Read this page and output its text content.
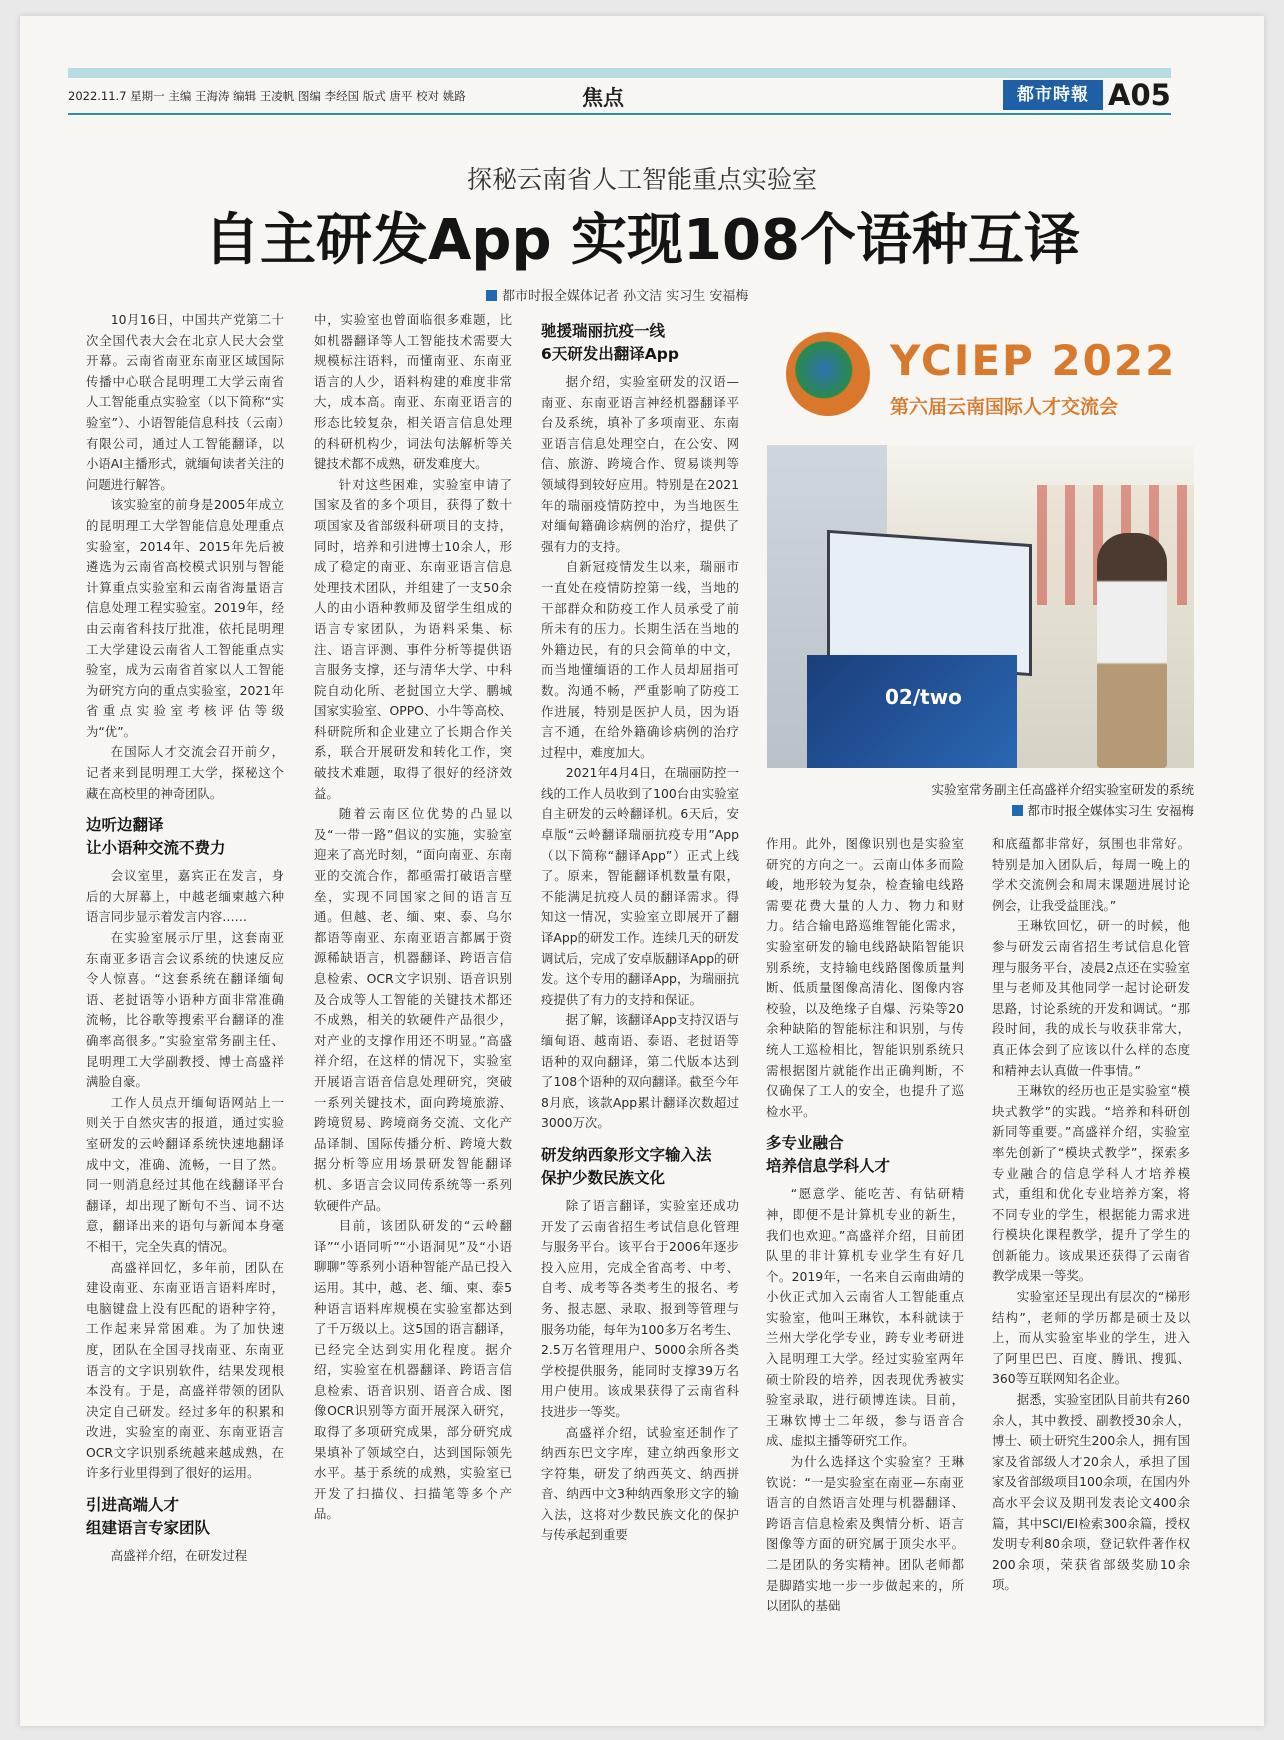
2022.11.7 星期一 主编 王海涛 编辑 王凌帆 图编 李经国 版式 唐平 校对 姚路	焦点	都市時報 A05
探秘云南省人工智能重点实验室
自主研发App 实现108个语种互译
都市时报全媒体记者 孙文洁 实习生 安福梅

10月16日，中国共产党第二十次全国代表大会在北京人民大会堂开幕。云南省南亚东南亚区域国际传播中心联合昆明理工大学云南省人工智能重点实验室（以下简称“实验室”）、小语智能信息科技（云南）有限公司，通过人工智能翻译，以小语AI主播形式，就缅甸读者关注的问题进行解答。

该实验室的前身是2005年成立的昆明理工大学智能信息处理重点实验室，2014年、2015年先后被遴选为云南省高校模式识别与智能计算重点实验室和云南省海量语言信息处理工程实验室。2019年，经由云南省科技厅批准，依托昆明理工大学建设云南省人工智能重点实验室，成为云南省首家以人工智能为研究方向的重点实验室，2021年省重点实验室考核评估等级为“优”。

在国际人才交流会召开前夕，记者来到昆明理工大学，探秘这个藏在高校里的神奇团队。

边听边翻译
让小语种交流不费力

会议室里，嘉宾正在发言，身后的大屏幕上，中越老缅柬越六种语言同步显示着发言内容……

在实验室展示厅里，这套南亚东南亚多语言会议系统的快速反应令人惊喜。“这套系统在翻译缅甸语、老挝语等小语种方面非常准确流畅，比谷歌等搜索平台翻译的准确率高很多。”实验室常务副主任、昆明理工大学副教授、博士高盛祥满脸自豪。

工作人员点开缅甸语网站上一则关于自然灾害的报道，通过实验室研发的云岭翻译系统快速地翻译成中文，准确、流畅，一目了然。同一则消息经过其他在线翻译平台翻译，却出现了断句不当、词不达意，翻译出来的语句与新闻本身毫不相干，完全失真的情况。

高盛祥回忆，多年前，团队在建设南亚、东南亚语言语料库时，电脑键盘上没有匹配的语种字符，工作起来异常困难。为了加快速度，团队在全国寻找南亚、东南亚语言的文字识别软件，结果发现根本没有。于是，高盛祥带领的团队决定自己研发。经过多年的积累和改进，实验室的南亚、东南亚语言OCR文字识别系统越来越成熟，在许多行业里得到了很好的运用。

引进高端人才
组建语言专家团队

高盛祥介绍，在研发过程

中，实验室也曾面临很多难题，比如机器翻译等人工智能技术需要大规模标注语料，而懂南亚、东南亚语言的人少，语料构建的难度非常大，成本高。南亚、东南亚语言的形态比较复杂，相关语言信息处理的科研机构少，词法句法解析等关键技术都不成熟，研发难度大。

针对这些困难，实验室申请了国家及省的多个项目，获得了数十项国家及省部级科研项目的支持，同时，培养和引进博士10余人，形成了稳定的南亚、东南亚语言信息处理技术团队，并组建了一支50余人的由小语种教师及留学生组成的语言专家团队，为语料采集、标注、语言评测、事件分析等提供语言服务支撑，还与清华大学、中科院自动化所、老挝国立大学、鹏城国家实验室、OPPO、小牛等高校、科研院所和企业建立了长期合作关系，联合开展研发和转化工作，突破技术难题，取得了很好的经济效益。

随着云南区位优势的凸显以及“一带一路”倡议的实施，实验室迎来了高光时刻，“面向南亚、东南亚的交流合作，都亟需打破语言壁垒，实现不同国家之间的语言互通。但越、老、缅、柬、泰、乌尔都语等南亚、东南亚语言都属于资源稀缺语言，机器翻译、跨语言信息检索、OCR文字识别、语音识别及合成等人工智能的关键技术都还不成熟，相关的软硬件产品很少，对产业的支撑作用还不明显。”高盛祥介绍，在这样的情况下，实验室开展语言语音信息处理研究，突破一系列关键技术，面向跨境旅游、跨境贸易、跨境商务交流、文化产品译制、国际传播分析、跨境大数据分析等应用场景研发智能翻译机、多语言会议同传系统等一系列软硬件产品。

目前，该团队研发的“云岭翻译”“小语同听”“小语洞见”及“小语聊聊”等系列小语种智能产品已投入运用。其中，越、老、缅、柬、泰5种语言语料库规模在实验室都达到了千万级以上。这5国的语言翻译，已经完全达到实用化程度。据介绍，实验室在机器翻译、跨语言信息检索、语音识别、语音合成、图像OCR识别等方面开展深入研究，取得了多项研究成果，部分研究成果填补了领域空白，达到国际领先水平。基于系统的成熟，实验室已开发了扫描仪、扫描笔等多个产品。

驰援瑞丽抗疫一线
6天研发出翻译App

据介绍，实验室研发的汉语—南亚、东南亚语言神经机器翻译平台及系统，填补了多项南亚、东南亚语言信息处理空白，在公安、网信、旅游、跨境合作、贸易谈判等领域得到较好应用。特别是在2021年的瑞丽疫情防控中，为当地医生对缅甸籍确诊病例的治疗，提供了强有力的支持。

自新冠疫情发生以来，瑞丽市一直处在疫情防控第一线，当地的干部群众和防疫工作人员承受了前所未有的压力。长期生活在当地的外籍边民，有的只会简单的中文，而当地懂缅语的工作人员却屈指可数。沟通不畅，严重影响了防疫工作进展，特别是医护人员，因为语言不通，在给外籍确诊病例的治疗过程中，难度加大。

2021年4月4日，在瑞丽防控一线的工作人员收到了100台由实验室自主研发的云岭翻译机。6天后，安卓版“云岭翻译瑞丽抗疫专用”App（以下简称“翻译App”）正式上线了。原来，智能翻译机数量有限，不能满足抗疫人员的翻译需求。得知这一情况，实验室立即展开了翻译App的研发工作。连续几天的研发调试后，完成了安卓版翻译App的研发。这个专用的翻译App，为瑞丽抗疫提供了有力的支持和保证。

据了解，该翻译App支持汉语与缅甸语、越南语、泰语、老挝语等语种的双向翻译，第二代版本达到了108个语种的双向翻译。截至今年8月底，该款App累计翻译次数超过3000万次。

研发纳西象形文字输入法
保护少数民族文化

除了语言翻译，实验室还成功开发了云南省招生考试信息化管理与服务平台。该平台于2006年逐步投入应用，完成全省高考、中考、自考、成考等各类考生的报名、考务、报志愿、录取、报到等管理与服务功能，每年为100多万名考生、2.5万名管理用户、5000余所各类学校提供服务，能同时支撑39万名用户使用。该成果获得了云南省科技进步一等奖。

高盛祥介绍，试验室还制作了纳西东巴文字库，建立纳西象形文字符集，研发了纳西英文、纳西拼音、纳西中文3种纳西象形文字的输入法，这将对少数民族文化的保护与传承起到重要

作用。此外，图像识别也是实验室研究的方向之一。云南山体多而险峻，地形较为复杂，检查输电线路需要花费大量的人力、物力和财力。结合输电路巡维智能化需求，实验室研发的输电线路缺陷智能识别系统，支持输电线路图像质量判断、低质量图像高清化、图像内容校验，以及绝缘子自爆、污染等20余种缺陷的智能标注和识别，与传统人工巡检相比，智能识别系统只需根据图片就能作出正确判断，不仅确保了工人的安全，也提升了巡检水平。

多专业融合
培养信息学科人才

“愿意学、能吃苦、有钻研精神，即便不是计算机专业的新生，我们也欢迎。”高盛祥介绍，目前团队里的非计算机专业学生有好几个。2019年，一名来自云南曲靖的小伙正式加入云南省人工智能重点实验室，他叫王琳钦，本科就读于兰州大学化学专业，跨专业考研进入昆明理工大学。经过实验室两年硕士阶段的培养，因表现优秀被实验室录取，进行硕博连读。目前，王琳钦博士二年级，参与语音合成、虚拟主播等研究工作。

为什么选择这个实验室？王琳钦说：“一是实验室在南亚—东南亚语言的自然语言处理与机器翻译、跨语言信息检索及舆情分析、语言图像等方面的研究属于顶尖水平。二是团队的务实精神。团队老师都是脚踏实地一步一步做起来的，所以团队的基础

和底蕴都非常好，氛围也非常好。特别是加入团队后，每周一晚上的学术交流例会和周末课题进展讨论例会，让我受益匪浅。”

王琳钦回忆，研一的时候，他参与研发云南省招生考试信息化管理与服务平台，凌晨2点还在实验室里与老师及其他同学一起讨论研发思路，讨论系统的开发和调试。“那段时间，我的成长与收获非常大，真正体会到了应该以什么样的态度和精神去认真做一件事情。”

王琳钦的经历也正是实验室“模块式教学”的实践。“培养和科研创新同等重要。”高盛祥介绍，实验室率先创新了“模块式教学”，探索多专业融合的信息学科人才培养模式，重组和优化专业培养方案，将不同专业的学生，根据能力需求进行模块化课程教学，提升了学生的创新能力。该成果还获得了云南省教学成果一等奖。

实验室还呈现出有层次的“梯形结构”，老师的学历都是硕士及以上，而从实验室毕业的学生，进入了阿里巴巴、百度、腾讯、搜狐、360等互联网知名企业。

据悉，实验室团队目前共有260余人，其中教授、副教授30余人，博士、硕士研究生200余人，拥有国家及省部级人才20余人，承担了国家及省部级项目100余项，在国内外高水平会议及期刊发表论文400余篇，其中SCI/EI检索300余篇，授权发明专利80余项，登记软件著作权200余项，荣获省部级奖励10余项。

YCIEP 2022
第六届云南国际人才交流会
02/two
实验室常务副主任高盛祥介绍实验室研发的系统
都市时报全媒体实习生 安福梅
